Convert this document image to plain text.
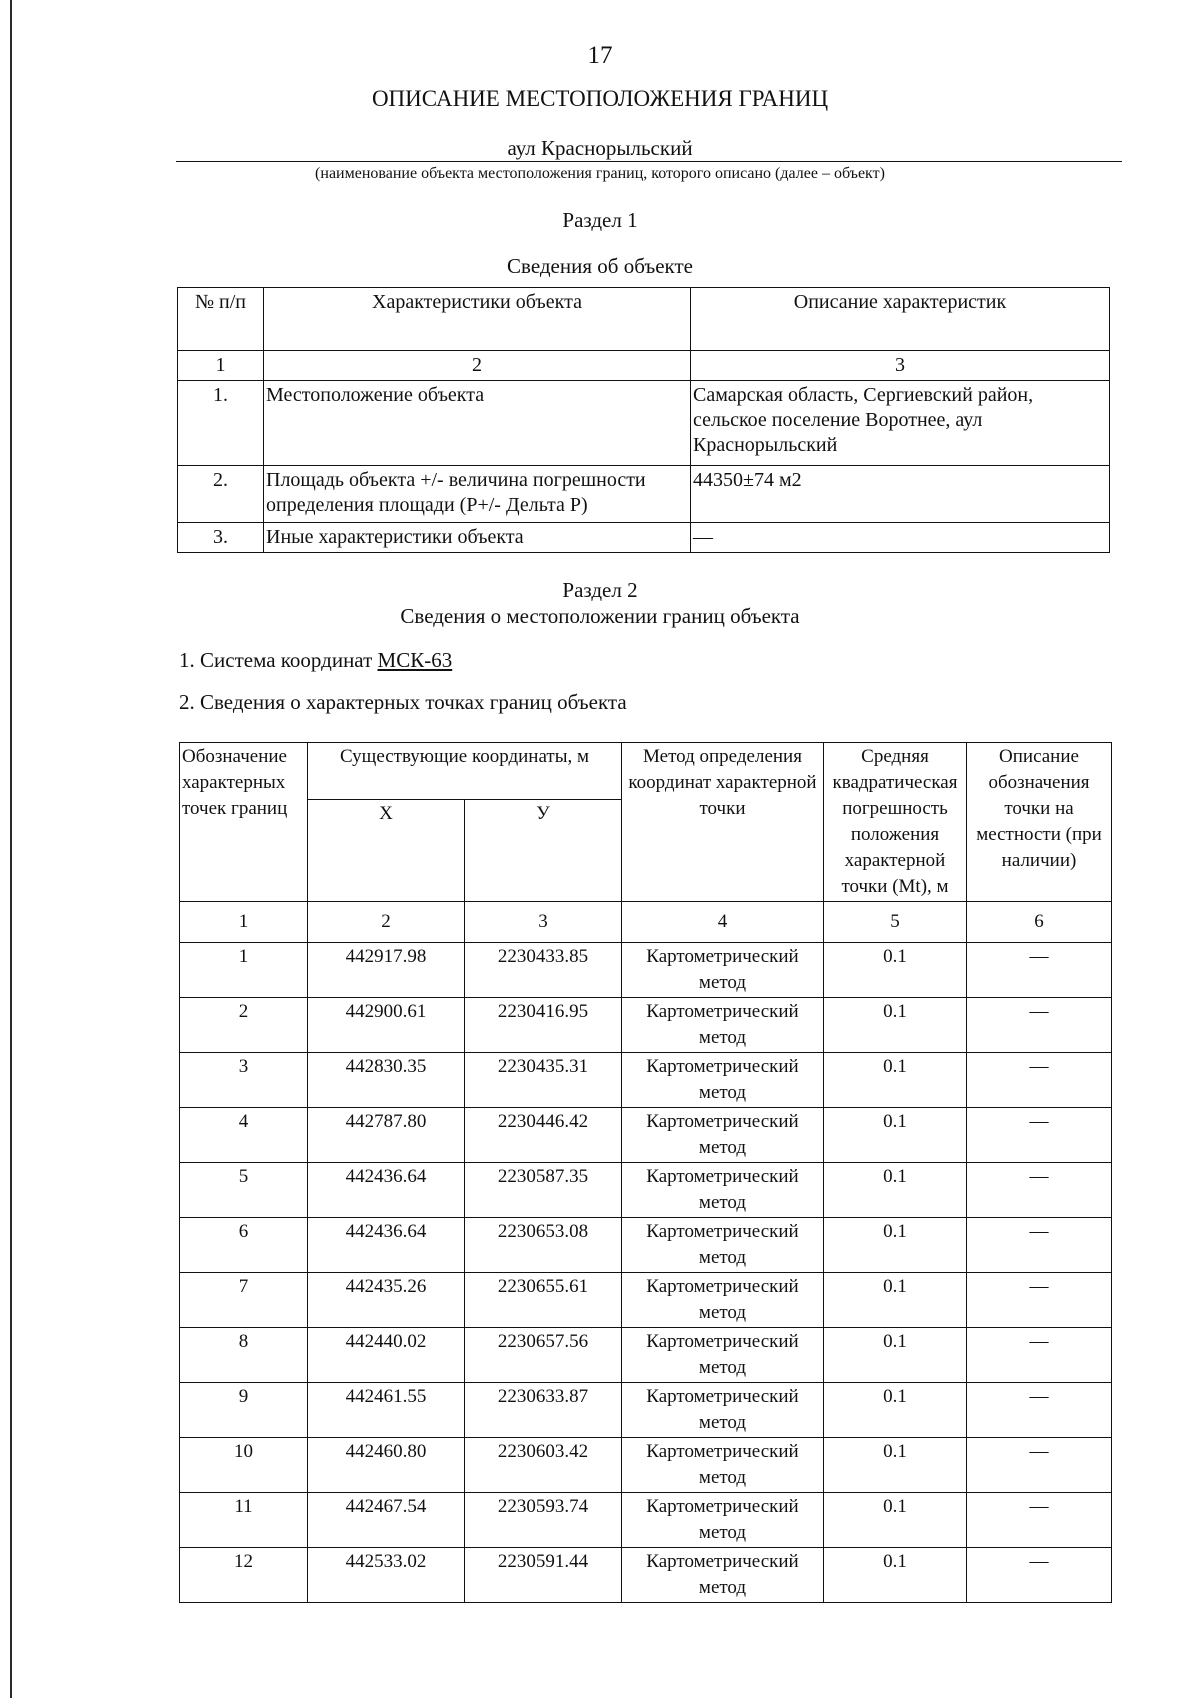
17
ОПИСАНИЕ МЕСТОПОЛОЖЕНИЯ ГРАНИЦ
аул Краснорыльский
(наименование объекта местоположения границ, которого описано (далее – объект)
Раздел 1
Сведения об объекте
№ п/п	Характеристики объекта	Описание характеристик
1	2	3
1.	Местоположение объекта	Самарская область, Сергиевский район, сельское поселение Воротнее, аул Краснорыльский
2.	Площадь объекта +/- величина погрешности определения площади (P+/- Дельта P)	44350±74 м2
3.	Иные характеристики объекта	—
Раздел 2
Сведения о местоположении границ объекта
1. Система координат МСК-63
2. Сведения о характерных точках границ объекта
Обозначение характерных точек границ	Существующие координаты, м		Метод определения координат характерной точки	Средняя квадратическая погрешность положения характерной точки (Mt), м	Описание обозначения точки на местности (при наличии)
	X	У			
1	2	3	4	5	6
1	442917.98	2230433.85	Картометрический метод	0.1	—
2	442900.61	2230416.95	Картометрический метод	0.1	—
3	442830.35	2230435.31	Картометрический метод	0.1	—
4	442787.80	2230446.42	Картометрический метод	0.1	—
5	442436.64	2230587.35	Картометрический метод	0.1	—
6	442436.64	2230653.08	Картометрический метод	0.1	—
7	442435.26	2230655.61	Картометрический метод	0.1	—
8	442440.02	2230657.56	Картометрический метод	0.1	—
9	442461.55	2230633.87	Картометрический метод	0.1	—
10	442460.80	2230603.42	Картометрический метод	0.1	—
11	442467.54	2230593.74	Картометрический метод	0.1	—
12	442533.02	2230591.44	Картометрический метод	0.1	—
